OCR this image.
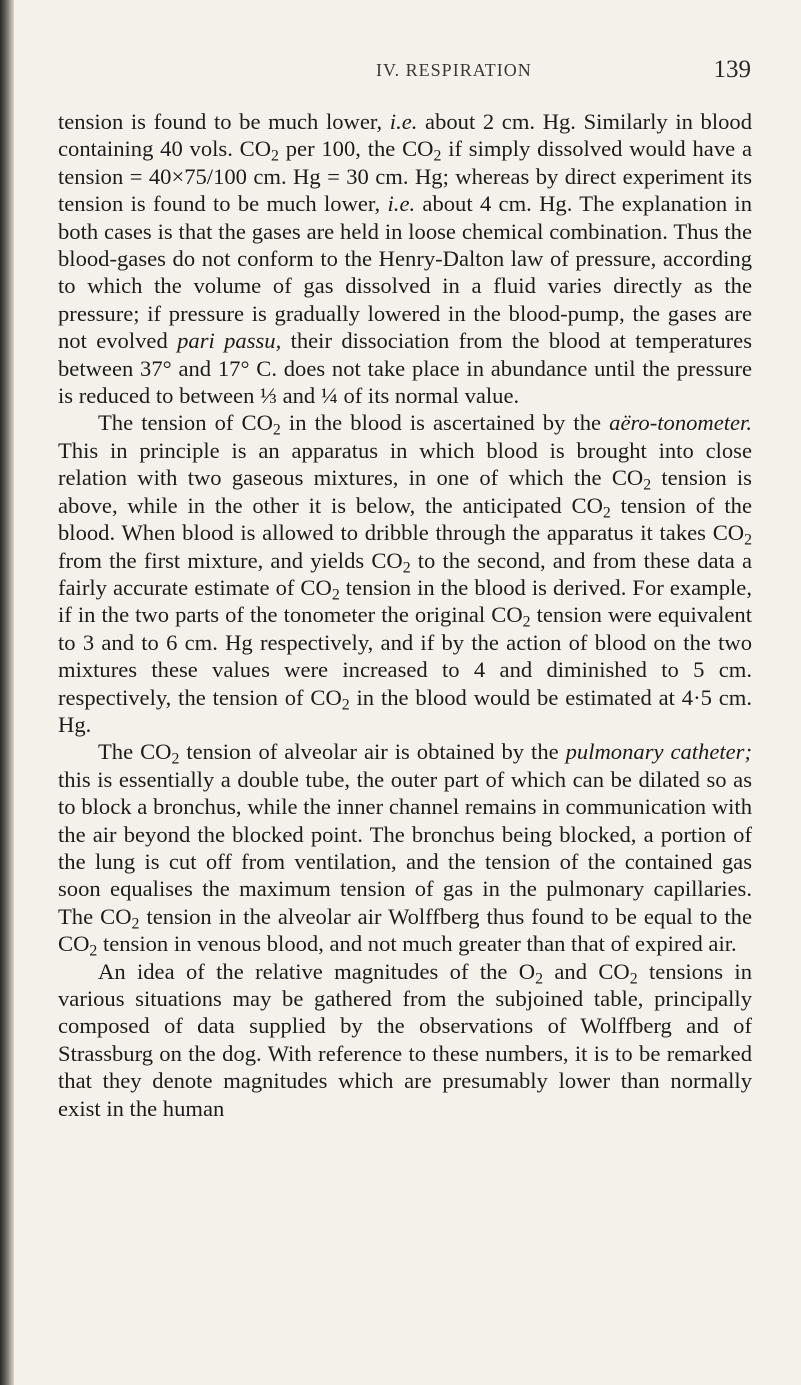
IV. RESPIRATION	139

tension is found to be much lower, i.e. about 2 cm. Hg. Similarly in blood containing 40 vols. $CO_2$ per 100, the $CO_2$ if simply dissolved would have a tension = 40×75/100 cm. Hg = 30 cm. Hg; whereas by direct experiment its tension is found to be much lower, i.e. about 4 cm. Hg. The explanation in both cases is that the gases are held in loose chemical combination. Thus the blood-gases do not conform to the Henry-Dalton law of pressure, according to which the volume of gas dissolved in a fluid varies directly as the pressure; if pressure is gradually lowered in the blood-pump, the gases are not evolved pari passu, their dissociation from the blood at temperatures between 37° and 17° C. does not take place in abundance until the pressure is reduced to between ⅓ and ¼ of its normal value.

The tension of $CO_2$ in the blood is ascertained by the aëro-tonometer. This in principle is an apparatus in which blood is brought into close relation with two gaseous mixtures, in one of which the $CO_2$ tension is above, while in the other it is below, the anticipated $CO_2$ tension of the blood. When blood is allowed to dribble through the apparatus it takes $CO_2$ from the first mixture, and yields $CO_2$ to the second, and from these data a fairly accurate estimate of $CO_2$ tension in the blood is derived. For example, if in the two parts of the tonometer the original $CO_2$ tension were equivalent to 3 and to 6 cm. Hg respectively, and if by the action of blood on the two mixtures these values were increased to 4 and diminished to 5 cm. respectively, the tension of $CO_2$ in the blood would be estimated at 4·5 cm. Hg.

The $CO_2$ tension of alveolar air is obtained by the pulmonary catheter; this is essentially a double tube, the outer part of which can be dilated so as to block a bronchus, while the inner channel remains in communication with the air beyond the blocked point. The bronchus being blocked, a portion of the lung is cut off from ventilation, and the tension of the contained gas soon equalises the maximum tension of gas in the pulmonary capillaries. The $CO_2$ tension in the alveolar air Wolffberg thus found to be equal to the $CO_2$ tension in venous blood, and not much greater than that of expired air.

An idea of the relative magnitudes of the $O_2$ and $CO_2$ tensions in various situations may be gathered from the subjoined table, principally composed of data supplied by the observations of Wolffberg and of Strassburg on the dog. With reference to these numbers, it is to be remarked that they denote magnitudes which are presumably lower than normally exist in the human
